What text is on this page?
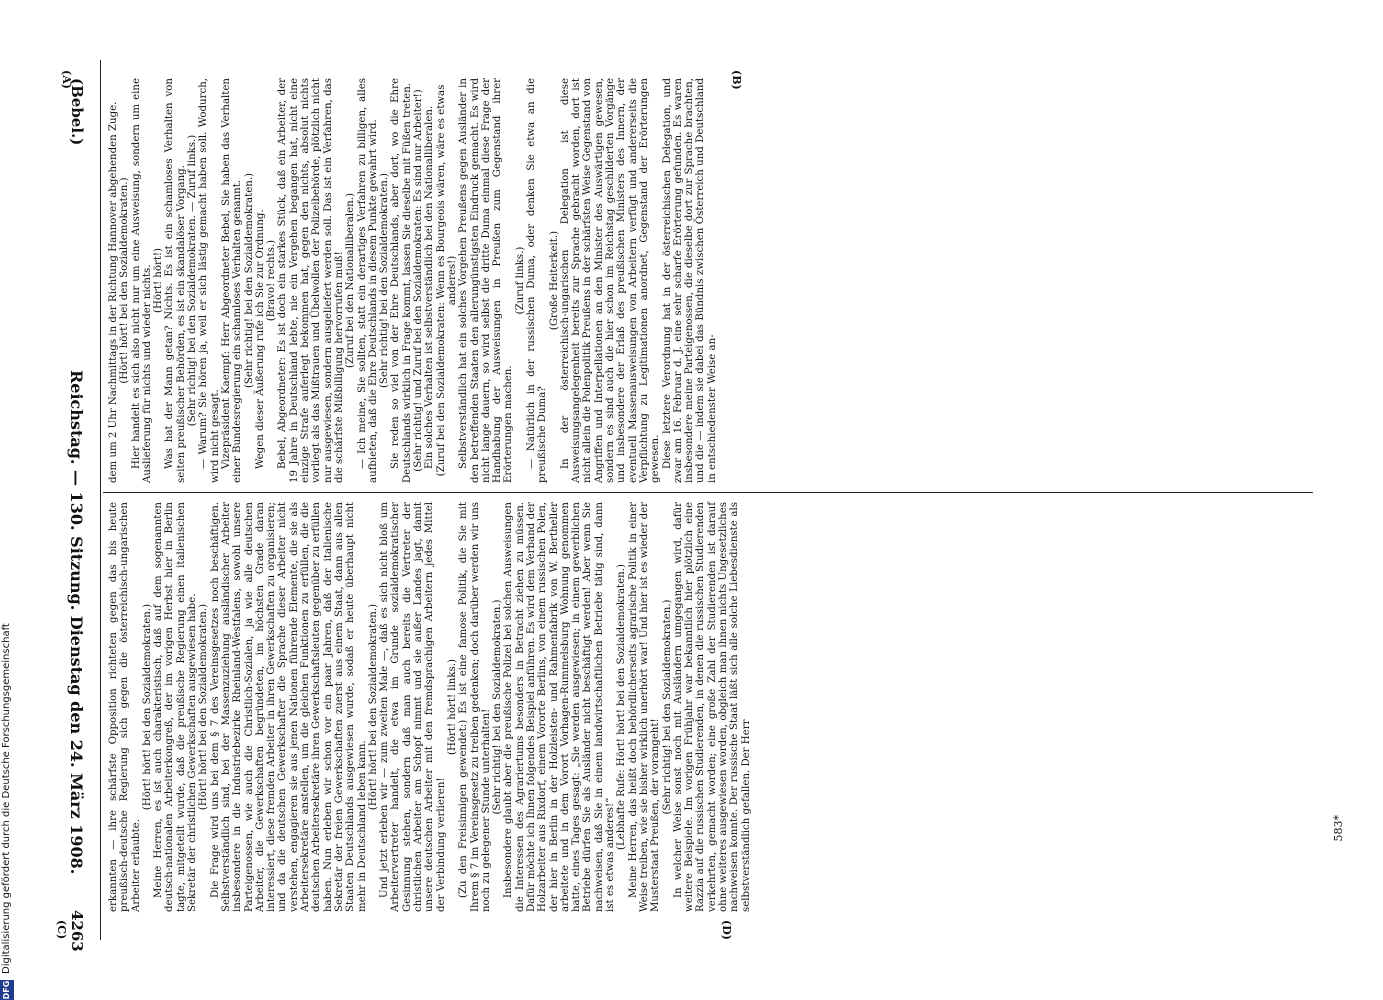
(Bebel.)
Reichstag. — 130. Sitzung. Dienstag den 24. März 1908.
4263
(A)	(B)
(C)	(D)

dem um 2 Uhr Nachmittags in der Richtung Hannover abgehenden Zuge. (Hört! hört! bei den Sozialdemokraten.) Hier handelt es sich also nicht nur um eine Ausweisung, sondern um eine Auslieferung für nichts und wieder nichts. (Hört! hört!) Was hat der Mann getan? Nichts. Es ist ein schamloses Verhalten von seiten preußischer Behörden, es ist ein skandalöser Vorgang. (Sehr richtig! bei den Sozialdemokraten. — Zuruf links.) — Warum? Sie hören ja, weil er sich lästig gemacht haben soll. Wodurch, wird nicht gesagt. Vizepräsident Kaempf: Herr Abgeordneter Bebel, Sie haben das Verhalten einer Bundesregierung ein schamloses Verhalten genannt. (Sehr richtig! bei den Sozialdemokraten.) Wegen dieser Äußerung rufe ich Sie zur Ordnung. (Bravo! rechts.) Bebel, Abgeordneter: Es ist doch ein starkes Stück, daß ein Arbeiter, der 19 Jahre in Deutschland lebte, nie ein Vergehen begangen hat, nicht eine einzige Strafe auferlegt bekommen hat, gegen den nichts, absolut nichts vorliegt als das Mißtrauen und Übelwollen der Polizeibehörde, plötzlich nicht nur ausgewiesen, sondern ausgeliefert werden soll. Das ist ein Verfahren, das die schärfste Mißbilligung hervorrufen muß! (Zuruf bei den Nationalliberalen.) — Ich meine, Sie sollten, statt ein derartiges Verfahren zu billigen, alles aufbieten, daß die Ehre Deutschlands in diesem Punkte gewahrt wird. (Sehr richtig! bei den Sozialdemokraten.) Sie reden so viel von der Ehre Deutschlands, aber dort, wo die Ehre Deutschlands wirklich in Frage kommt, lassen Sie dieselbe mit Füßen treten. (Sehr richtig! und Zuruf bei den Sozialdemokraten: Es sind nur Arbeiter!) Ein solches Verhalten ist selbstverständlich bei den Nationalliberalen. (Zuruf bei den Sozialdemokraten: Wenn es Bourgeois wären, wäre es etwas anderes!) Selbstverständlich hat ein solches Vorgehen Preußens gegen Ausländer in den betreffenden Staaten den allerungünstigsten Eindruck gemacht. Es wird nicht lange dauern, so wird selbst die dritte Duma einmal diese Frage der Handhabung der Ausweisungen in Preußen zum Gegenstand ihrer Erörterungen machen.

(Zuruf links.) — Natürlich in der russischen Duma, oder denken Sie etwa an die preußische Duma?

(Große Heiterkeit.) In der österreichisch-ungarischen Delegation ist diese Ausweisungsangelegenheit bereits zur Sprache gebracht worden, dort ist nicht allein die Polenpolitik Preußens in der schärfsten Weise Gegenstand von Angriffen und Interpellationen an den Minister des Auswärtigen gewesen, sondern es sind auch die hier schon im Reichstag geschilderten Vorgänge und insbesondere der Erlaß des preußischen Ministers des Innern, der eventuell Massenausweisungen von Arbeitern verfügt und andererseits die Verpflichtung zu Legitimationen anordnet, Gegenstand der Erörterungen gewesen. Diese letztere Verordnung hat in der österreichischen Delegation, und zwar am 16. Februar d. J. eine sehr scharfe Erörterung gefunden. Es waren insbesondere meine Parteigenossen, die dieselbe dort zur Sprache brachten, und die — indem sie dabei das Bündnis zwischen Österreich und Deutschland in entschiedenster Weise an-

erkannten — ihre schärfste Opposition richteten gegen das bis heute preußisch-deutsche Regierung sich gegen die österreichisch-ungarischen Arbeiter erlaubte.

(Hört! hört! bei den Sozialdemokraten.) Meine Herren, es ist auch charakteristisch, daß auf dem sogenannten deutsch-nationalen Arbeiterkongreß, der im vorigen Herbst hier in Berlin tagte, mitgeteilt wurde, daß die preußische Regierung einen italienischen Sekretär der christlichen Gewerkschaften ausgewiesen habe. (Hört! hört! bei den Sozialdemokraten.) Die Frage wird uns bei dem § 7 des Vereinsgesetzes noch beschäftigen. Selbstverständlich sind, bei der Massenzuziehung ausländischer Arbeiter insbesondere in die Industriebezirke Rheinland-Westfalens, sowohl unsere Parteigenossen, wie auch die Christlich-Sozialen, ja wie alle deutschen Arbeiter, die Gewerkschaften begründeten, im höchsten Grade daran interessiert, diese fremden Arbeiter in ihren Gewerkschaften zu organisieren; und da die deutschen Gewerkschafter die Sprache dieser Arbeiter nicht verstehen, engagieren sie aus jenen Nationen führende Elemente, die sie als Arbeitersekretäre anstellen, um die gleichen Funktionen zu erfüllen, die die deutschen Arbeitersekretäre ihren Gewerkschaftsleuten gegenüber zu erfüllen haben. Nun erleben wir schon vor ein paar Jahren, daß der italienische Sekretär der freien Gewerkschaften zuerst aus einem Staat, dann aus allen Staaten Deutschlands ausgewiesen wurde, sodaß er heute überhaupt nicht mehr in Deutschland leben kann.

(Hört! hört! bei den Sozialdemokraten.) Und jetzt erleben wir — zum zweiten Male —, daß es sich nicht bloß um Arbeitervertreter handelt, die etwa im Grunde sozialdemokratischer Gesinnung stehen, sondern daß man auch bereits die Vertreter der christlichen Arbeiter am Schopf nimmt und sie außer Landes jagt, damit unsere deutschen Arbeiter mit den fremdsprachigen Arbeitern jedes Mittel der Verbindung verlieren!

(Hört! hört! links.) (Zu den Freisinnigen gewendet:) Es ist eine famose Politik, die Sie mit Ihrem § 7 im Vereinsgesetz zu treiben gedenken; doch darüber werden wir uns noch zu gelegener Stunde unterhalten! (Sehr richtig! bei den Sozialdemokraten.) Insbesondere glaubt aber die preußische Polizei bei solchen Ausweisungen die Interessen des Agrariertums besonders in Betracht ziehen zu müssen. Dafür möchte ich Ihnen folgendes Beispiel anführen. Es wird dem Verband der Holzarbeiter aus Rixdorf, einem Vororte Berlins, von einem russischen Polen, der hier in Berlin in der Holzleisten- und Rahmenfabrik von W. Bertheller arbeitete und in dem Vorort Vorhagen-Rummelsburg Wohnung genommen hatte, eines Tages gesagt: „Sie werden ausgewiesen; in einem gewerblichen Betriebe dürfen Sie als Ausländer nicht beschäftigt werden! Aber wenn Sie nachweisen, daß Sie in einem landwirtschaftlichen Betriebe tätig sind, dann ist es etwas anderes!“

(Lebhafte Rufe: Hört! hört! bei den Sozialdemokraten.) Meine Herren, das heißt doch behördlicherseits agrarische Politik in einer Weise treiben, wie sie bisher wirklich unerhört war! Und hier ist es wieder der Musterstaat Preußen, der vorangeht!

(Sehr richtig! bei den Sozialdemokraten.) In welcher Weise sonst noch mit Ausländern umgegangen wird, dafür weitere Beispiele. Im vorigen Frühjahr war bekanntlich hier plötzlich eine Razzia auf die russischen Studierenden, in denen die russischen Studierenden verkehrten, gemacht worden; eine große Zahl der Studierenden ist darauf ohne weiteres ausgewiesen worden, obgleich man ihnen nichts Ungesetzliches nachweisen konnte. Der russische Staat läßt sich alle solche Liebesdienste als selbstverständlich gefallen. Der Herr	583*
DFG
Digitalisierung gefördert durch die Deutsche Forschungsgemeinschaft
